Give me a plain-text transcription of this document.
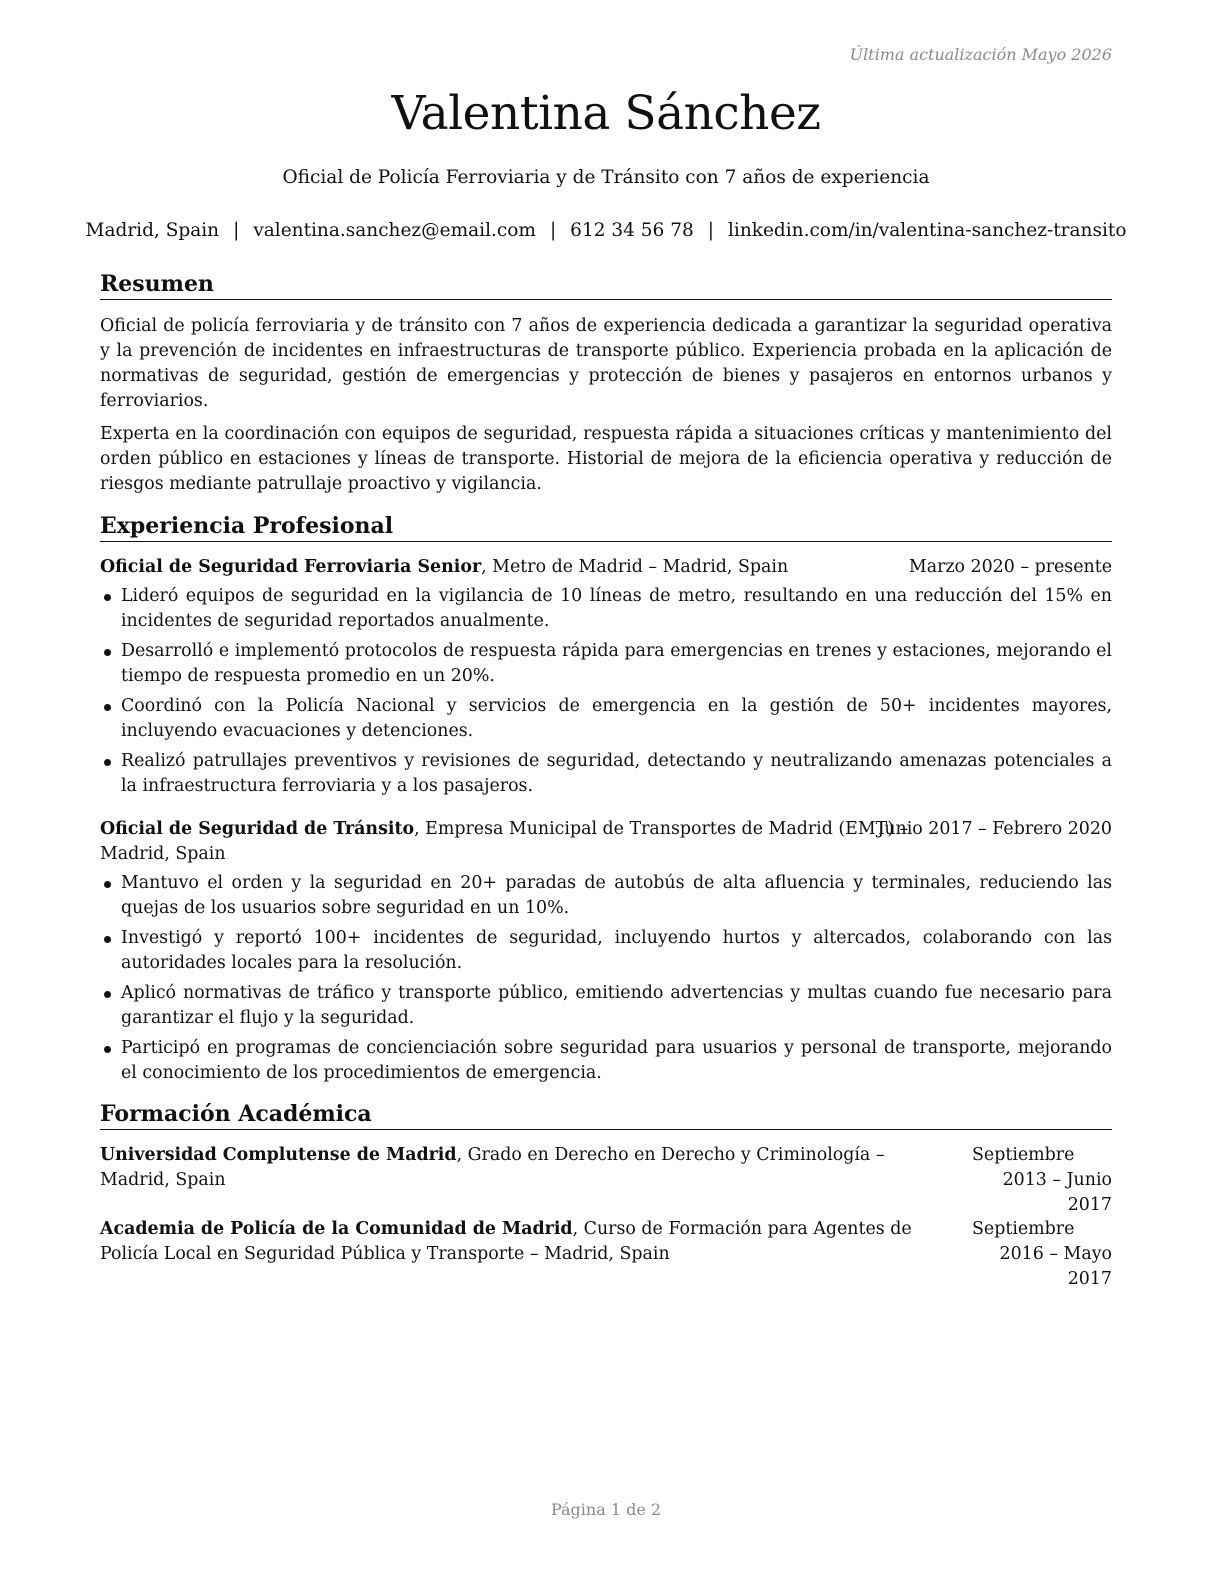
Última actualización Mayo 2026
Valentina Sánchez
Oficial de Policía Ferroviaria y de Tránsito con 7 años de experiencia
Madrid, Spain | valentina.sanchez@email.com | 612 34 56 78 | linkedin.com/in/valentina-sanchez-transito
Resumen

Oficial de policía ferroviaria y de tránsito con 7 años de experiencia dedicada a garantizar la seguridad operativa y la prevención de incidentes en infraestructuras de transporte público. Experiencia probada en la aplicación de normativas de seguridad, gestión de emergencias y protección de bienes y pasajeros en entornos urbanos y ferroviarios.

Experta en la coordinación con equipos de seguridad, respuesta rápida a situaciones críticas y mantenimiento del orden público en estaciones y líneas de transporte. Historial de mejora de la eficiencia operativa y reducción de riesgos mediante patrullaje proactivo y vigilancia.

Experiencia Profesional
Oficial de Seguridad Ferroviaria Senior, Metro de Madrid – Madrid, Spain	Marzo 2020 – presente
Lideró equipos de seguridad en la vigilancia de 10 líneas de metro, resultando en una reducción del 15% en incidentes de seguridad reportados anualmente.
Desarrolló e implementó protocolos de respuesta rápida para emergencias en trenes y estaciones, mejorando el tiempo de respuesta promedio en un 20%.
Coordinó con la Policía Nacional y servicios de emergencia en la gestión de 50+ incidentes mayores, incluyendo evacuaciones y detenciones.
Realizó patrullajes preventivos y revisiones de seguridad, detectando y neutralizando amenazas potenciales a la infraestructura ferroviaria y a los pasajeros.
Oficial de Seguridad de Tránsito, Empresa Municipal de Transportes de Madrid (EMT) –
Madrid, Spain
Junio 2017 – Febrero 2020
Mantuvo el orden y la seguridad en 20+ paradas de autobús de alta afluencia y terminales, reduciendo las quejas de los usuarios sobre seguridad en un 10%.
Investigó y reportó 100+ incidentes de seguridad, incluyendo hurtos y altercados, colaborando con las autoridades locales para la resolución.
Aplicó normativas de tráfico y transporte público, emitiendo advertencias y multas cuando fue necesario para garantizar el flujo y la seguridad.
Participó en programas de concienciación sobre seguridad para usuarios y personal de transporte, mejorando el conocimiento de los procedimientos de emergencia.
Formación Académica
Universidad Complutense de Madrid, Grado en Derecho en Derecho y Criminología –
Madrid, Spain
Septiembre 2013 – Junio
2017
Academia de Policía de la Comunidad de Madrid, Curso de Formación para Agentes de
Policía Local en Seguridad Pública y Transporte – Madrid, Spain
Septiembre 2016 – Mayo
2017
Página 1 de 2
